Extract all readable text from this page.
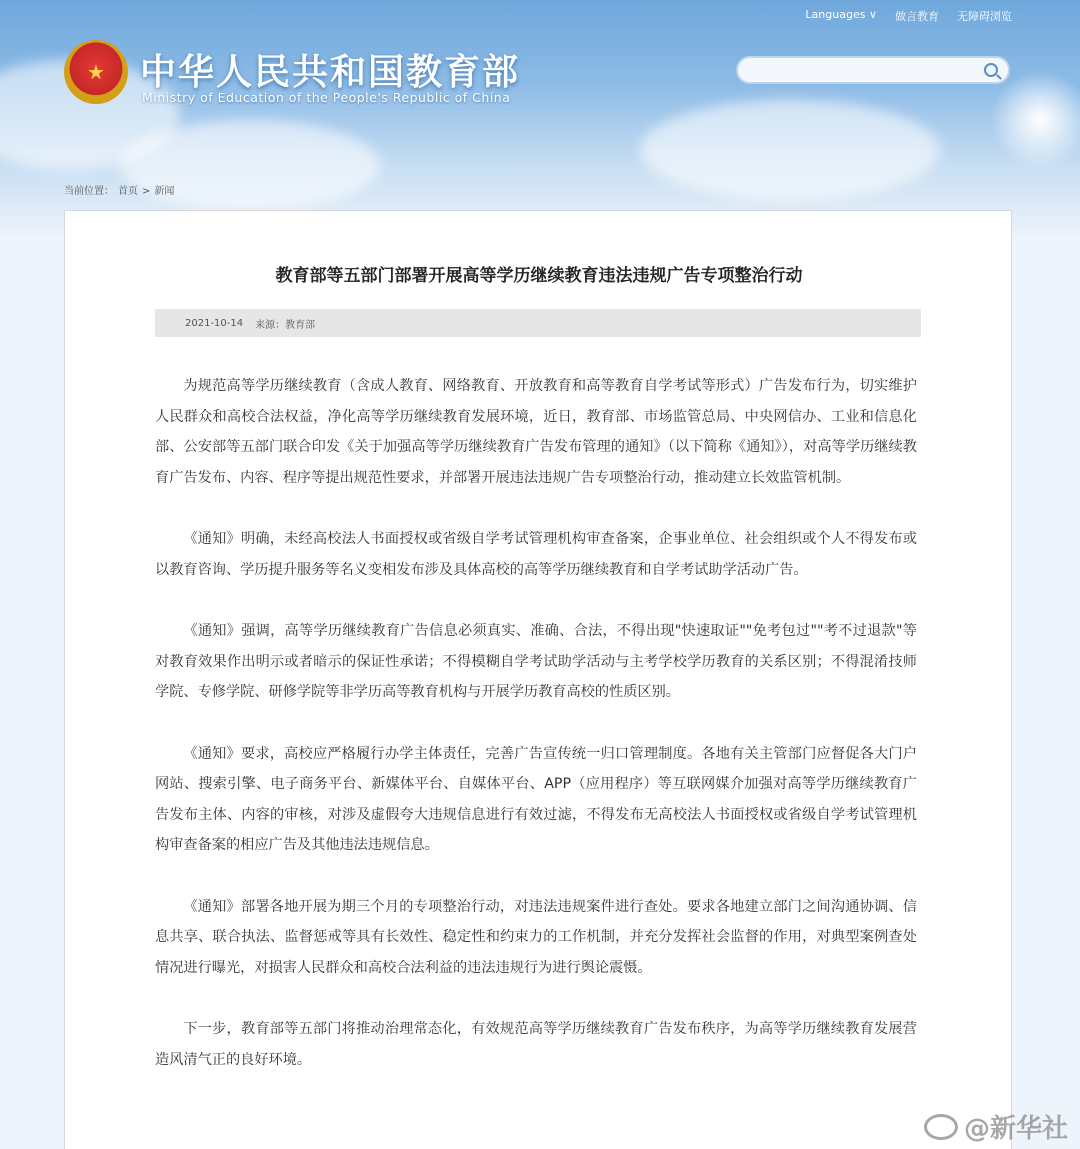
Languages ∨ 做言教育 无障碍浏览
★ 中华人民共和国教育部
Ministry of Education of the People's Republic of China
当前位置： 首页 > 新闻
教育部等五部门部署开展高等学历继续教育违法违规广告专项整治行动
2021-10-14 来源：教育部

为规范高等学历继续教育（含成人教育、网络教育、开放教育和高等教育自学考试等形式）广告发布行为，切实维护人民群众和高校合法权益，净化高等学历继续教育发展环境，近日，教育部、市场监管总局、中央网信办、工业和信息化部、公安部等五部门联合印发《关于加强高等学历继续教育广告发布管理的通知》（以下简称《通知》），对高等学历继续教育广告发布、内容、程序等提出规范性要求，并部署开展违法违规广告专项整治行动，推动建立长效监管机制。

《通知》明确，未经高校法人书面授权或省级自学考试管理机构审查备案，企事业单位、社会组织或个人不得发布或以教育咨询、学历提升服务等名义变相发布涉及具体高校的高等学历继续教育和自学考试助学活动广告。

《通知》强调，高等学历继续教育广告信息必须真实、准确、合法，不得出现"快速取证""免考包过""考不过退款"等对教育效果作出明示或者暗示的保证性承诺；不得模糊自学考试助学活动与主考学校学历教育的关系区别；不得混淆技师学院、专修学院、研修学院等非学历高等教育机构与开展学历教育高校的性质区别。

《通知》要求，高校应严格履行办学主体责任，完善广告宣传统一归口管理制度。各地有关主管部门应督促各大门户网站、搜索引擎、电子商务平台、新媒体平台、自媒体平台、APP（应用程序）等互联网媒介加强对高等学历继续教育广告发布主体、内容的审核，对涉及虚假夸大违规信息进行有效过滤，不得发布无高校法人书面授权或省级自学考试管理机构审查备案的相应广告及其他违法违规信息。

《通知》部署各地开展为期三个月的专项整治行动，对违法违规案件进行查处。要求各地建立部门之间沟通协调、信息共享、联合执法、监督惩戒等具有长效性、稳定性和约束力的工作机制，并充分发挥社会监督的作用，对典型案例查处情况进行曝光，对损害人民群众和高校合法利益的违法违规行为进行舆论震慑。

下一步，教育部等五部门将推动治理常态化，有效规范高等学历继续教育广告发布秩序，为高等学历继续教育发展营造风清气正的良好环境。

@新华社
